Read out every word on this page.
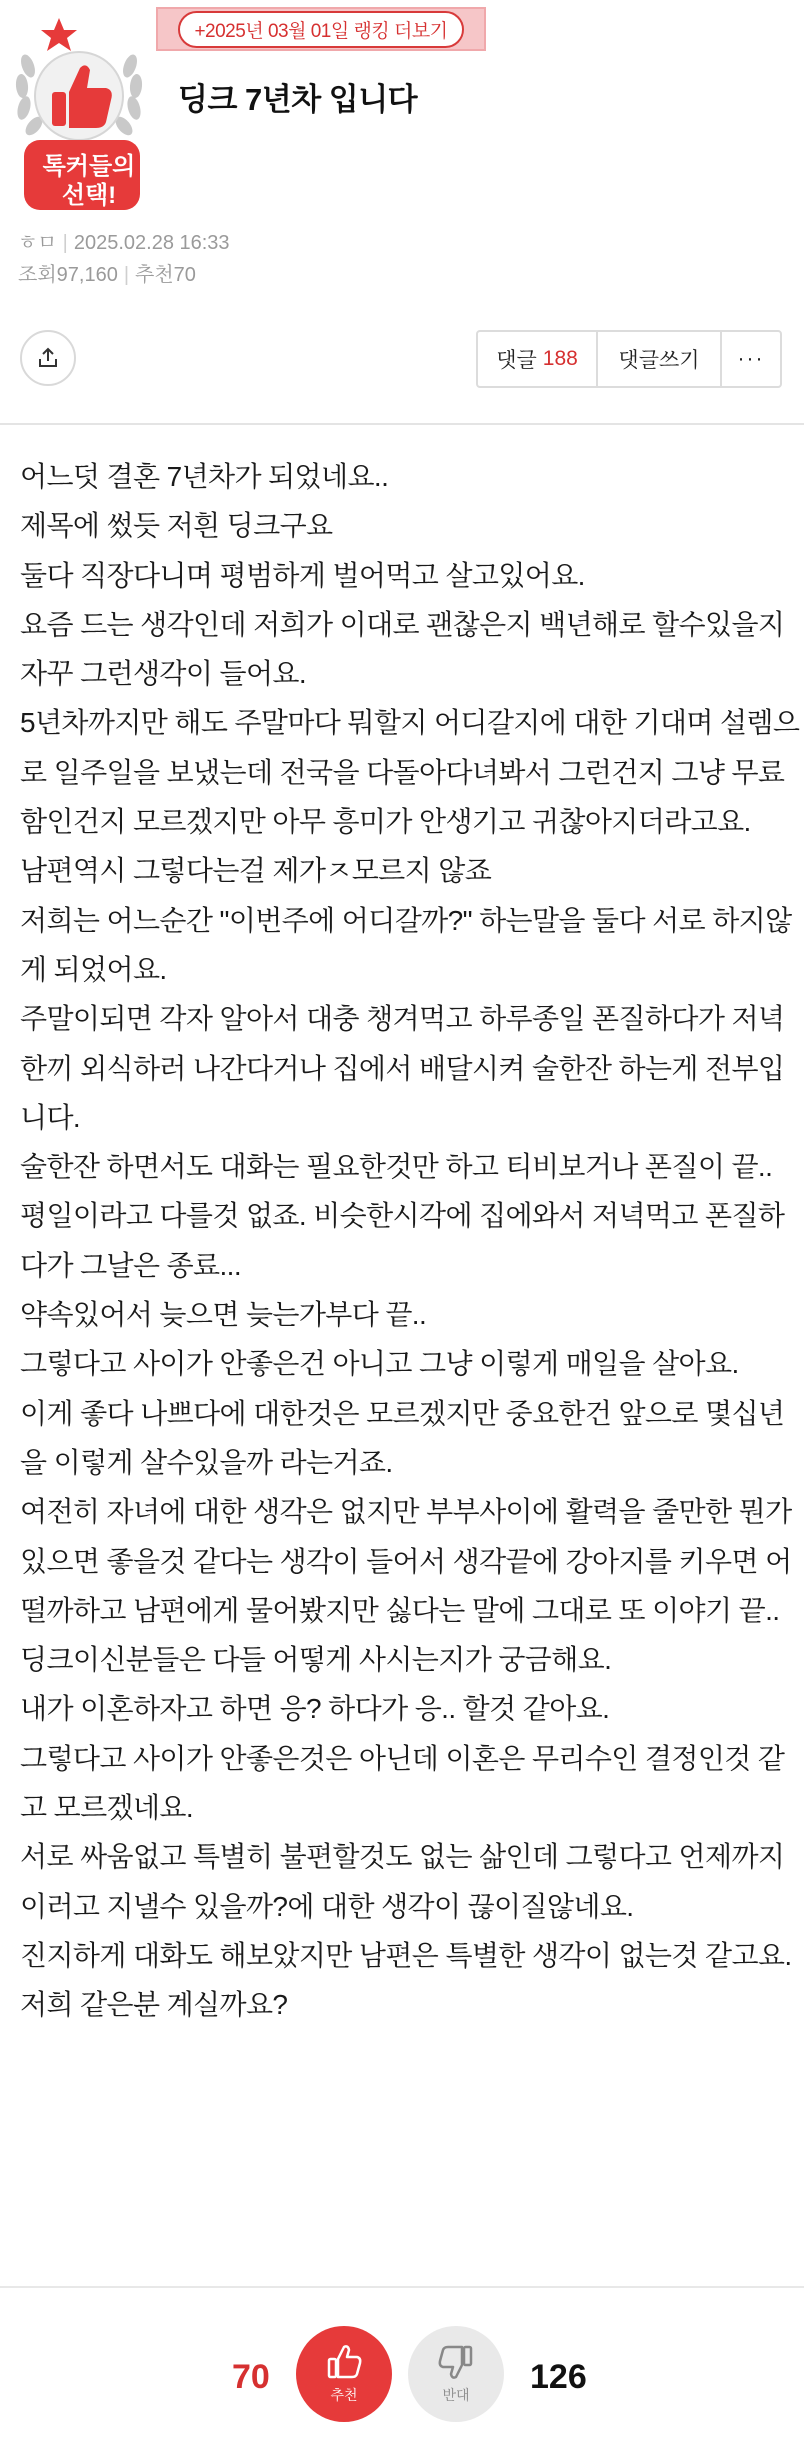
+2025년 03월 01일 랭킹 더보기
톡커들의
선택!
딩크 7년차 입니다
ㅎㅁ | 2025.02.28 16:33
조회97,160 | 추천70
댓글 188	댓글쓰기	···

어느덧 결혼 7년차가 되었네요..

제목에 썼듯 저흰 딩크구요

둘다 직장다니며 평범하게 벌어먹고 살고있어요.

요즘 드는 생각인데 저희가 이대로 괜찮은지 백년해로 할수있을지

자꾸 그런생각이 들어요.

5년차까지만 해도 주말마다 뭐할지 어디갈지에 대한 기대며 설렘으

로 일주일을 보냈는데 전국을 다돌아다녀봐서 그런건지 그냥 무료

함인건지 모르겠지만 아무 흥미가 안생기고 귀찮아지더라고요.

남편역시 그렇다는걸 제가ㅈ모르지 않죠

저희는 어느순간 "이번주에 어디갈까?" 하는말을 둘다 서로 하지않

게 되었어요.

주말이되면 각자 알아서 대충 챙겨먹고 하루종일 폰질하다가 저녁

한끼 외식하러 나간다거나 집에서 배달시켜 술한잔 하는게 전부입

니다.

술한잔 하면서도 대화는 필요한것만 하고 티비보거나 폰질이 끝..

평일이라고 다를것 없죠. 비슷한시각에 집에와서 저녁먹고 폰질하

다가 그날은 종료...

약속있어서 늦으면 늦는가부다 끝..

그렇다고 사이가 안좋은건 아니고 그냥 이렇게 매일을 살아요.

이게 좋다 나쁘다에 대한것은 모르겠지만 중요한건 앞으로 몇십년

을 이렇게 살수있을까 라는거죠.

여전히 자녀에 대한 생각은 없지만 부부사이에 활력을 줄만한 뭔가

있으면 좋을것 같다는 생각이 들어서 생각끝에 강아지를 키우면 어

떨까하고 남편에게 물어봤지만 싫다는 말에 그대로 또 이야기 끝..

딩크이신분들은 다들 어떻게 사시는지가 궁금해요.

내가 이혼하자고 하면 응? 하다가 응.. 할것 같아요.

그렇다고 사이가 안좋은것은 아닌데 이혼은 무리수인 결정인것 같

고 모르겠네요.

서로 싸움없고 특별히 불편할것도 없는 삶인데 그렇다고 언제까지

이러고 지낼수 있을까?에 대한 생각이 끊이질않네요.

진지하게 대화도 해보았지만 남편은 특별한 생각이 없는것 같고요.

저희 같은분 계실까요?

70	추천	반대 126
